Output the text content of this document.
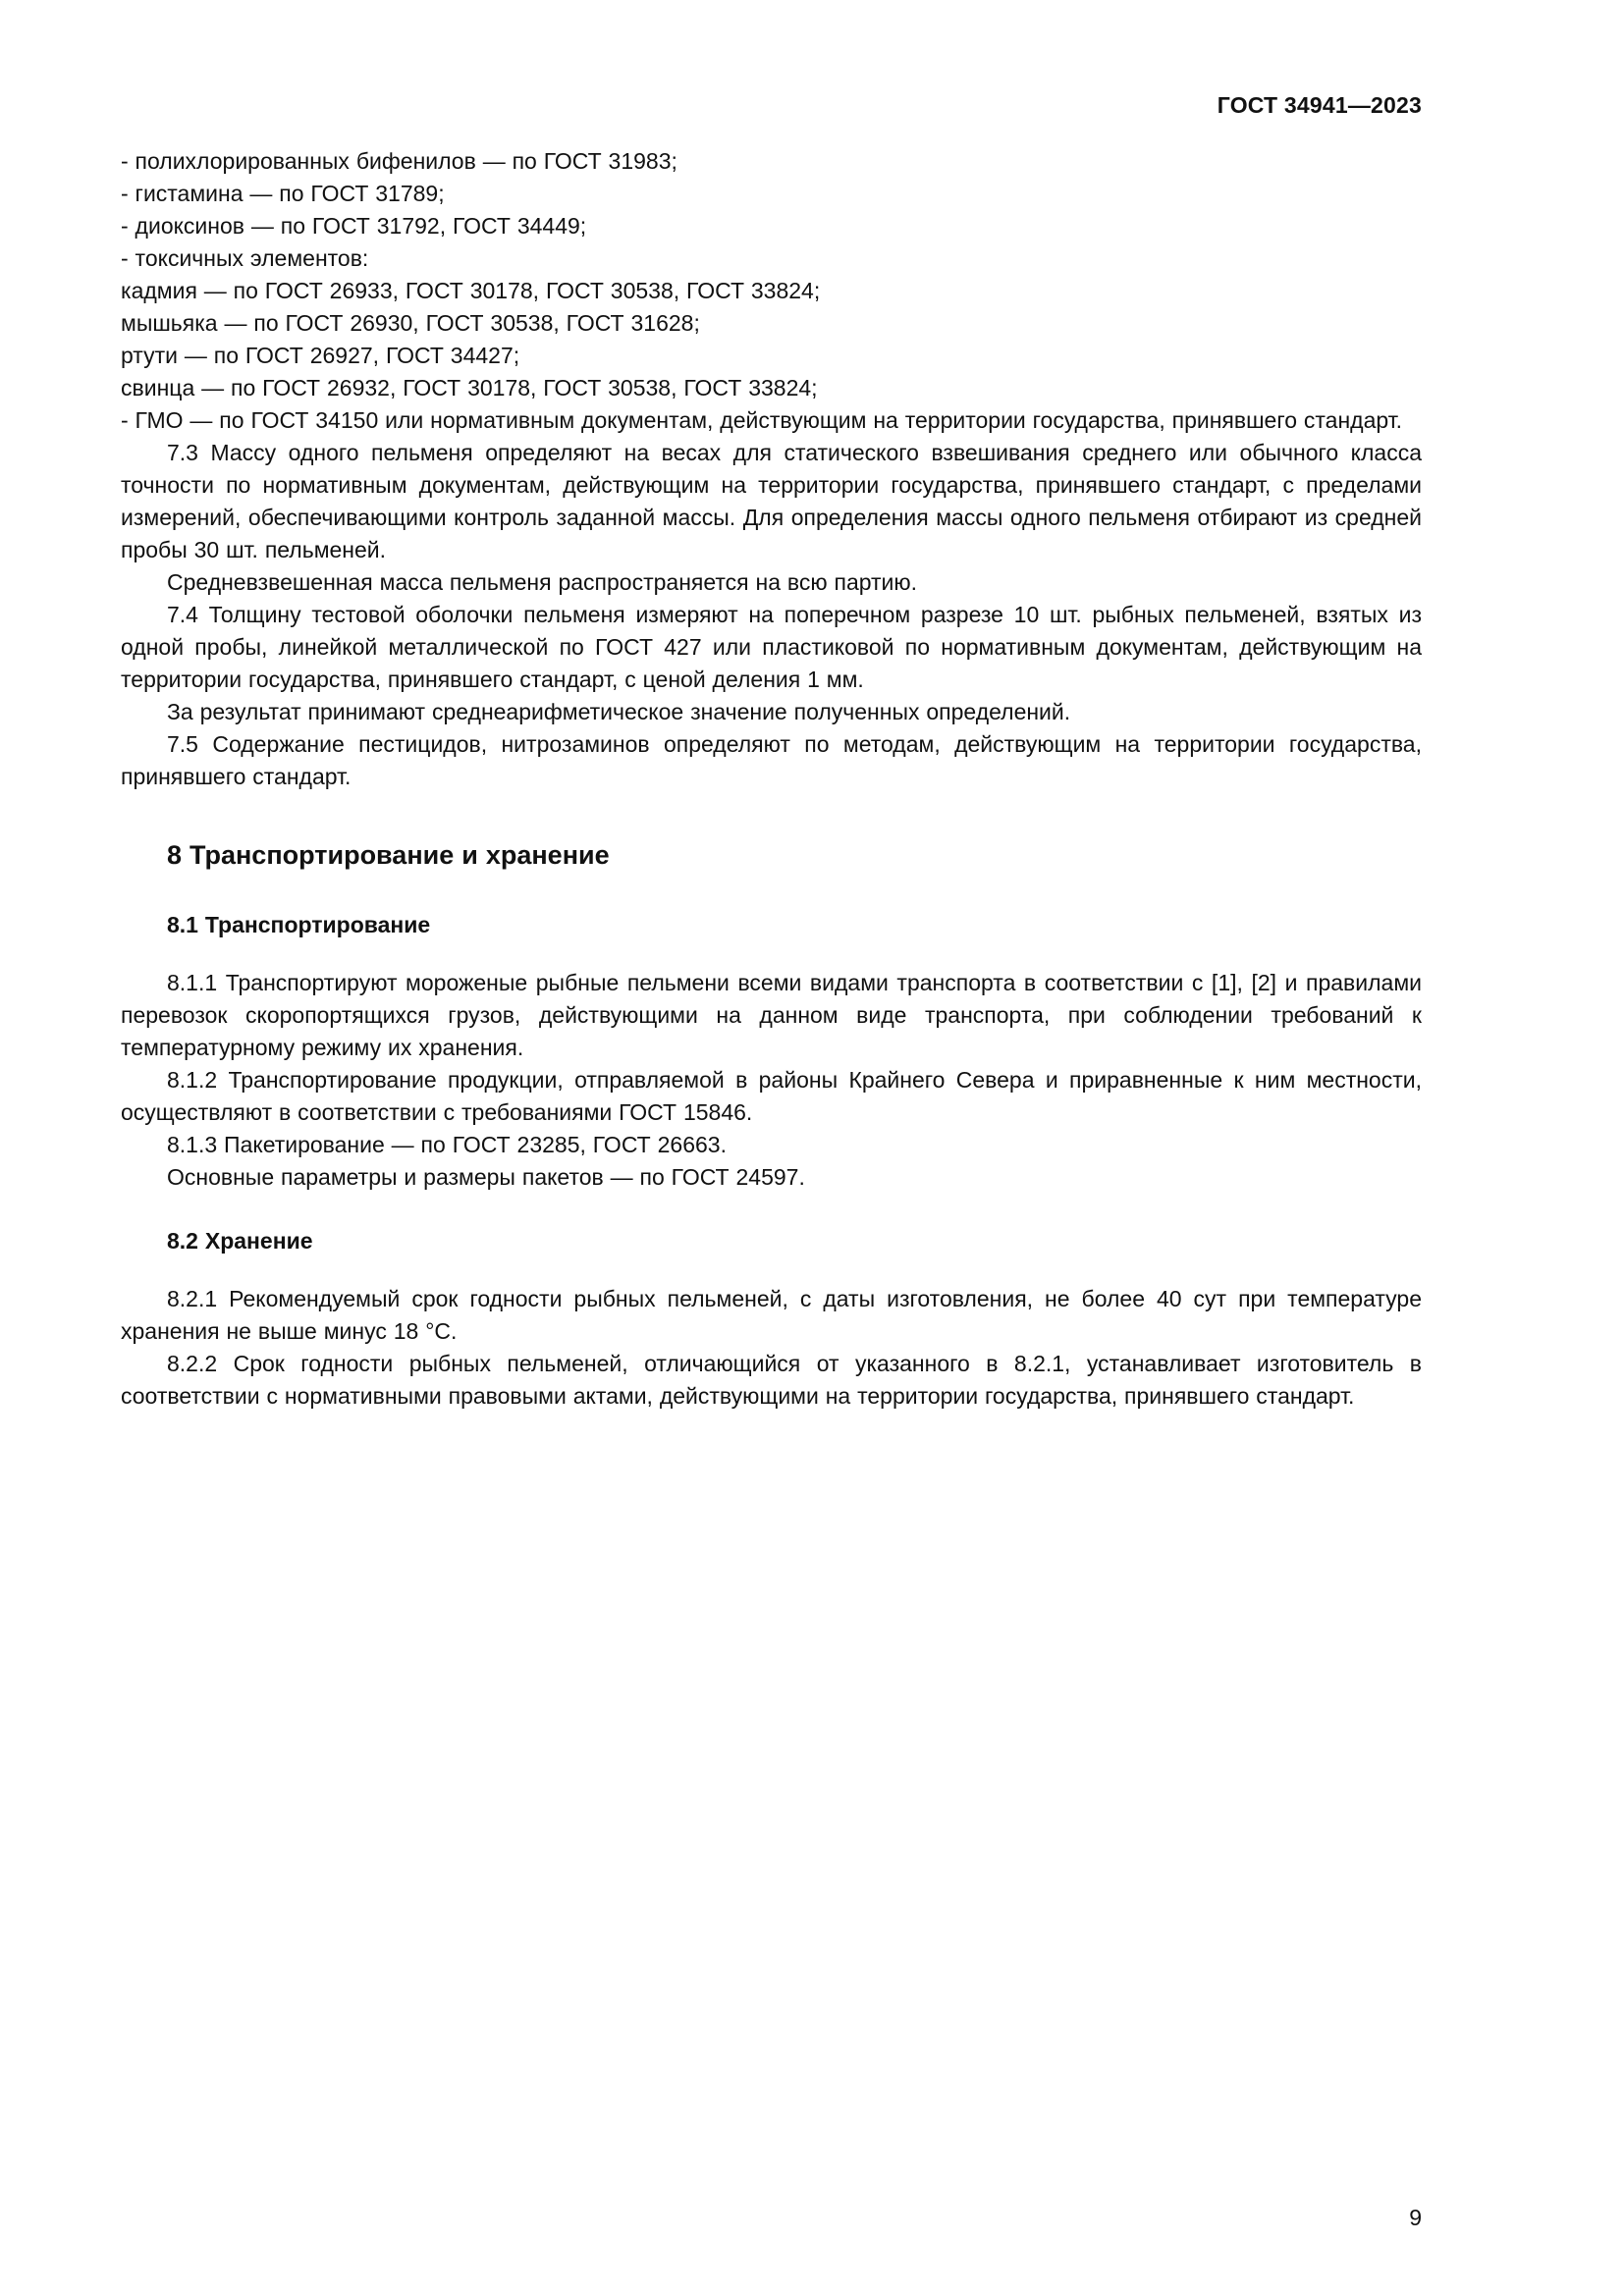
ГОСТ 34941—2023

- полихлорированных бифенилов — по ГОСТ 31983;

- гистамина — по ГОСТ 31789;

- диоксинов — по ГОСТ 31792, ГОСТ 34449;

- токсичных элементов:

кадмия — по ГОСТ 26933, ГОСТ 30178, ГОСТ 30538, ГОСТ 33824;

мышьяка — по ГОСТ 26930, ГОСТ 30538, ГОСТ 31628;

ртути — по ГОСТ 26927, ГОСТ 34427;

свинца — по ГОСТ 26932, ГОСТ 30178, ГОСТ 30538, ГОСТ 33824;

- ГМО — по ГОСТ 34150 или нормативным документам, действующим на территории государства, принявшего стандарт.

7.3 Массу одного пельменя определяют на весах для статического взвешивания среднего или обычного класса точности по нормативным документам, действующим на территории государства, принявшего стандарт, с пределами измерений, обеспечивающими контроль заданной массы. Для определения массы одного пельменя отбирают из средней пробы 30 шт. пельменей.

Средневзвешенная масса пельменя распространяется на всю партию.

7.4 Толщину тестовой оболочки пельменя измеряют на поперечном разрезе 10 шт. рыбных пельменей, взятых из одной пробы, линейкой металлической по ГОСТ 427 или пластиковой по нормативным документам, действующим на территории государства, принявшего стандарт, с ценой деления 1 мм.

За результат принимают среднеарифметическое значение полученных определений.

7.5 Содержание пестицидов, нитрозаминов определяют по методам, действующим на территории государства, принявшего стандарт.

8 Транспортирование и хранение

8.1 Транспортирование

8.1.1 Транспортируют мороженые рыбные пельмени всеми видами транспорта в соответствии с [1], [2] и правилами перевозок скоропортящихся грузов, действующими на данном виде транспорта, при соблюдении требований к температурному режиму их хранения.

8.1.2 Транспортирование продукции, отправляемой в районы Крайнего Севера и приравненные к ним местности, осуществляют в соответствии с требованиями ГОСТ 15846.

8.1.3 Пакетирование — по ГОСТ 23285, ГОСТ 26663.

Основные параметры и размеры пакетов — по ГОСТ 24597.

8.2 Хранение

8.2.1 Рекомендуемый срок годности рыбных пельменей, с даты изготовления, не более 40 сут при температуре хранения не выше минус 18 °С.

8.2.2 Срок годности рыбных пельменей, отличающийся от указанного в 8.2.1, устанавливает изготовитель в соответствии с нормативными правовыми актами, действующими на территории государства, принявшего стандарт.

9
